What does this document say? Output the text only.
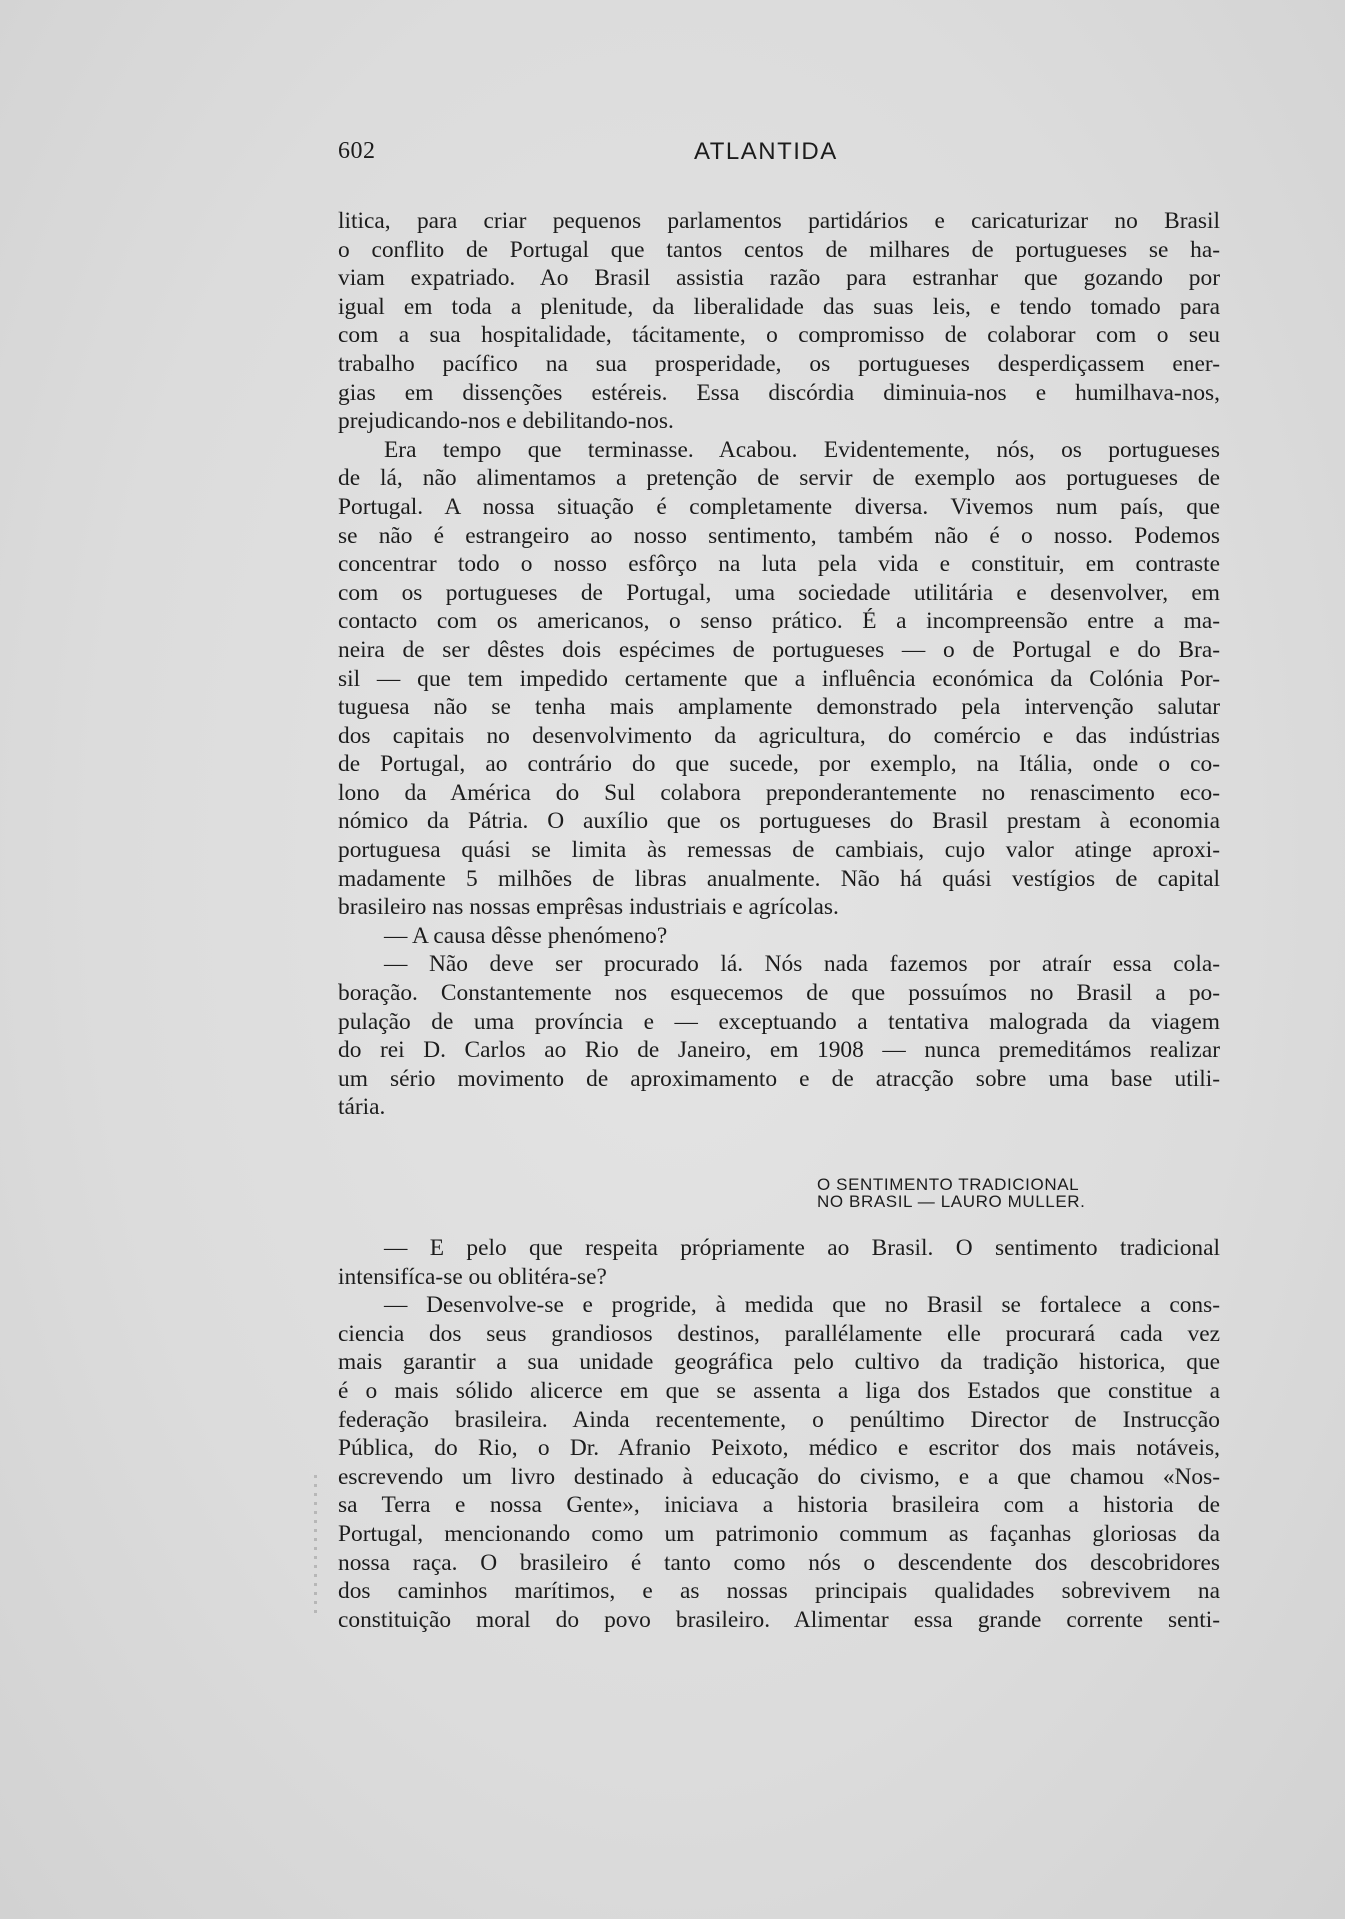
602	ATLANTIDA
litica, para criar pequenos parlamentos partidários e caricaturizar no Brasil
o conflito de Portugal que tantos centos de milhares de portugueses se ha-
viam expatriado. Ao Brasil assistia razão para estranhar que gozando por
igual em toda a plenitude, da liberalidade das suas leis, e tendo tomado para
com a sua hospitalidade, tácitamente, o compromisso de colaborar com o seu
trabalho pacífico na sua prosperidade, os portugueses desperdiçassem ener-
gias em dissenções estéreis. Essa discórdia diminuia-nos e humilhava-nos,
prejudicando-nos e debilitando-nos.
Era tempo que terminasse. Acabou. Evidentemente, nós, os portugueses
de lá, não alimentamos a pretenção de servir de exemplo aos portugueses de
Portugal. A nossa situação é completamente diversa. Vivemos num país, que
se não é estrangeiro ao nosso sentimento, também não é o nosso. Podemos
concentrar todo o nosso esfôrço na luta pela vida e constituir, em contraste
com os portugueses de Portugal, uma sociedade utilitária e desenvolver, em
contacto com os americanos, o senso prático. É a incompreensão entre a ma-
neira de ser dêstes dois espécimes de portugueses — o de Portugal e do Bra-
sil — que tem impedido certamente que a influência económica da Colónia Por-
tuguesa não se tenha mais amplamente demonstrado pela intervenção salutar
dos capitais no desenvolvimento da agricultura, do comércio e das indústrias
de Portugal, ao contrário do que sucede, por exemplo, na Itália, onde o co-
lono da América do Sul colabora preponderantemente no renascimento eco-
nómico da Pátria. O auxílio que os portugueses do Brasil prestam à economia
portuguesa quási se limita às remessas de cambiais, cujo valor atinge aproxi-
madamente 5 milhões de libras anualmente. Não há quási vestígios de capital
brasileiro nas nossas emprêsas industriais e agrícolas.
— A causa dêsse phenómeno?
— Não deve ser procurado lá. Nós nada fazemos por atraír essa cola-
boração. Constantemente nos esquecemos de que possuímos no Brasil a po-
pulação de uma província e — exceptuando a tentativa malograda da viagem
do rei D. Carlos ao Rio de Janeiro, em 1908 — nunca premeditámos realizar
um sério movimento de aproximamento e de atracção sobre uma base utili-
tária.
O SENTIMENTO TRADICIONAL
NO BRASIL — LAURO MULLER.
— E pelo que respeita própriamente ao Brasil. O sentimento tradicional
intensifíca-se ou oblitéra-se?
— Desenvolve-se e progride, à medida que no Brasil se fortalece a cons-
ciencia dos seus grandiosos destinos, parallélamente elle procurará cada vez
mais garantir a sua unidade geográfica pelo cultivo da tradição historica, que
é o mais sólido alicerce em que se assenta a liga dos Estados que constitue a
federação brasileira. Ainda recentemente, o penúltimo Director de Instrucção
Pública, do Rio, o Dr. Afranio Peixoto, médico e escritor dos mais notáveis,
escrevendo um livro destinado à educação do civismo, e a que chamou «Nos-
sa Terra e nossa Gente», iniciava a historia brasileira com a historia de
Portugal, mencionando como um patrimonio commum as façanhas gloriosas da
nossa raça. O brasileiro é tanto como nós o descendente dos descobridores
dos caminhos marítimos, e as nossas principais qualidades sobrevivem na
constituição moral do povo brasileiro. Alimentar essa grande corrente senti-
